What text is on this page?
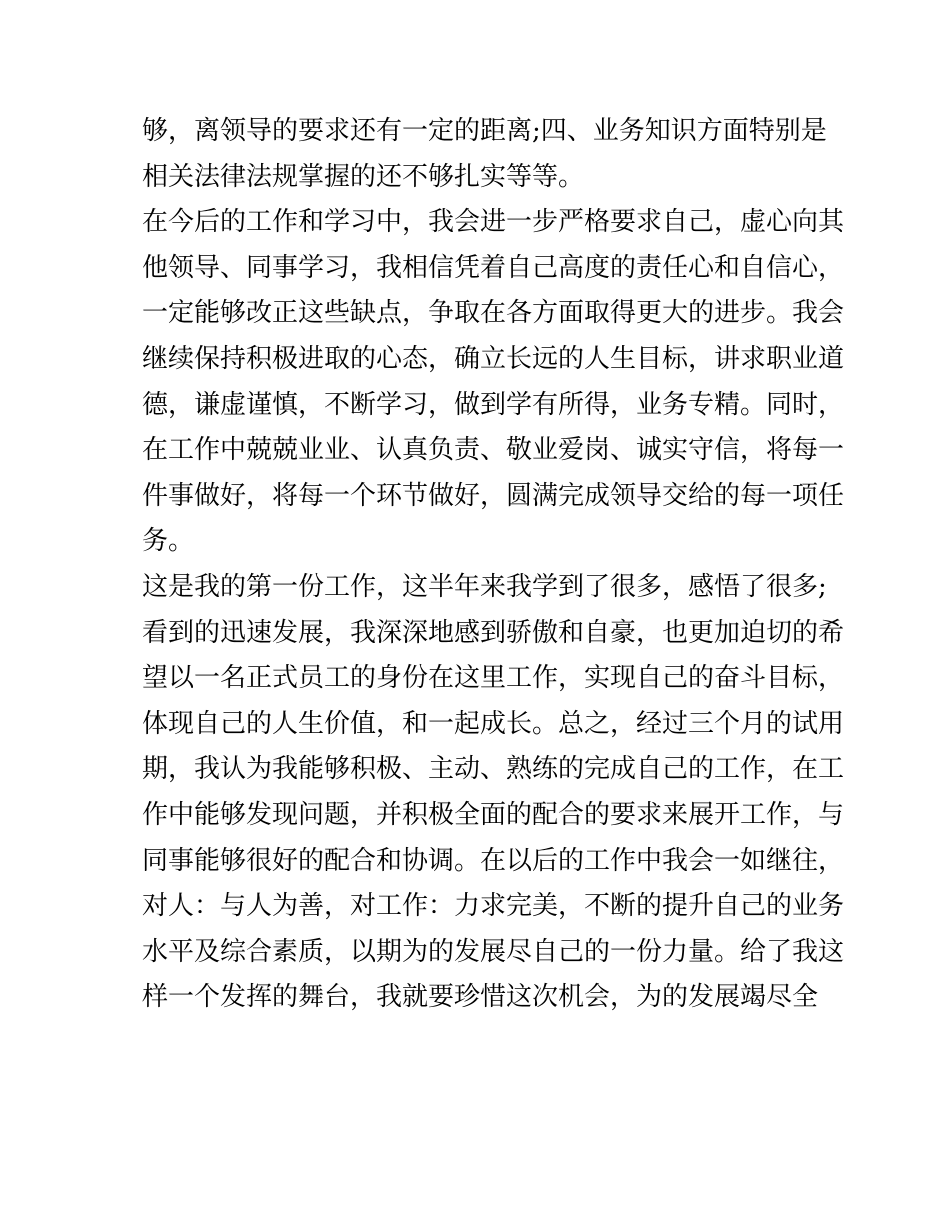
够，离领导的要求还有一定的距离;四、业务知识方面特别是
相关法律法规掌握的还不够扎实等等。
在今后的工作和学习中，我会进一步严格要求自己，虚心向其
他领导、同事学习，我相信凭着自己高度的责任心和自信心，
一定能够改正这些缺点，争取在各方面取得更大的进步。我会
继续保持积极进取的心态，确立长远的人生目标，讲求职业道
德，谦虚谨慎，不断学习，做到学有所得，业务专精。同时，
在工作中兢兢业业、认真负责、敬业爱岗、诚实守信，将每一
件事做好，将每一个环节做好，圆满完成领导交给的每一项任
务。
这是我的第一份工作，这半年来我学到了很多，感悟了很多;
看到的迅速发展，我深深地感到骄傲和自豪，也更加迫切的希
望以一名正式员工的身份在这里工作，实现自己的奋斗目标，
体现自己的人生价值，和一起成长。总之，经过三个月的试用
期，我认为我能够积极、主动、熟练的完成自己的工作，在工
作中能够发现问题，并积极全面的配合的要求来展开工作，与
同事能够很好的配合和协调。在以后的工作中我会一如继往，
对人：与人为善，对工作：力求完美，不断的提升自己的业务
水平及综合素质，以期为的发展尽自己的一份力量。给了我这
样一个发挥的舞台，我就要珍惜这次机会，为的发展竭尽全
